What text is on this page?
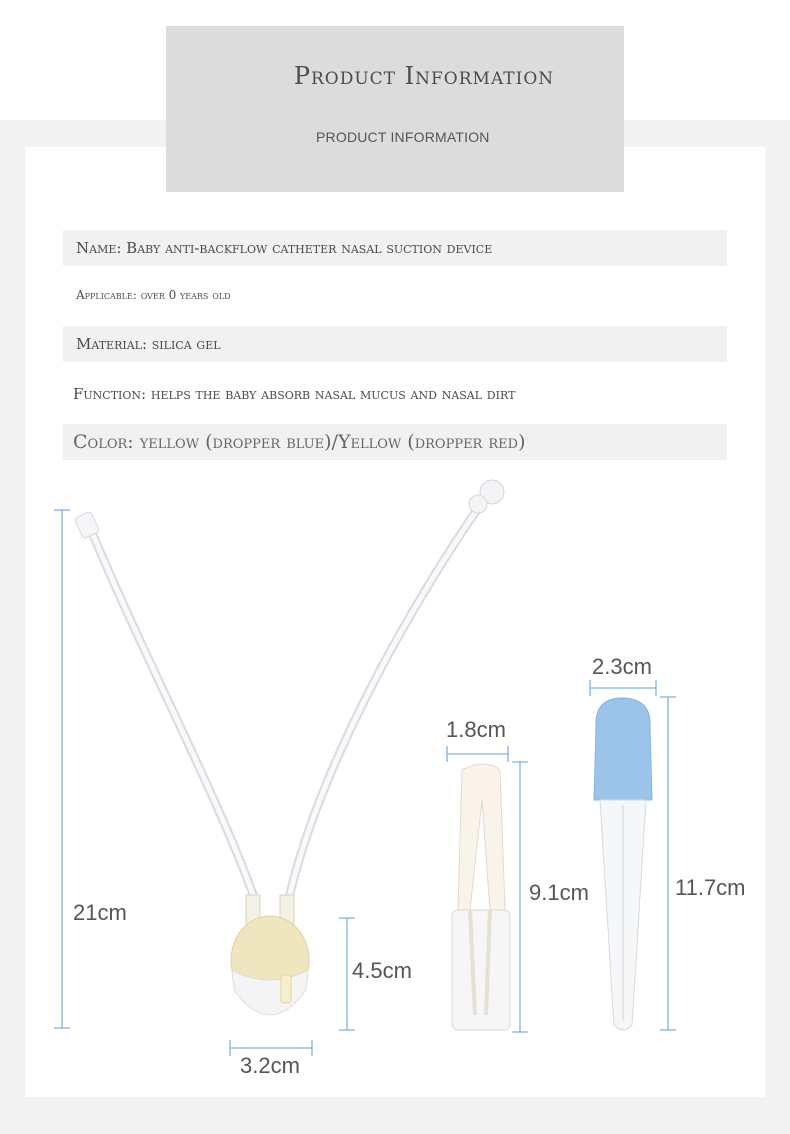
Product Information
PRODUCT INFORMATION
Name: Baby anti-backflow catheter nasal suction device
Applicable: over 0 years old
Material: silica gel
Function: helps the baby absorb nasal mucus and nasal dirt
Color: yellow (dropper blue)/Yellow (dropper red)
21cm
4.5cm
3.2cm
1.8cm
9.1cm
2.3cm
11.7cm
